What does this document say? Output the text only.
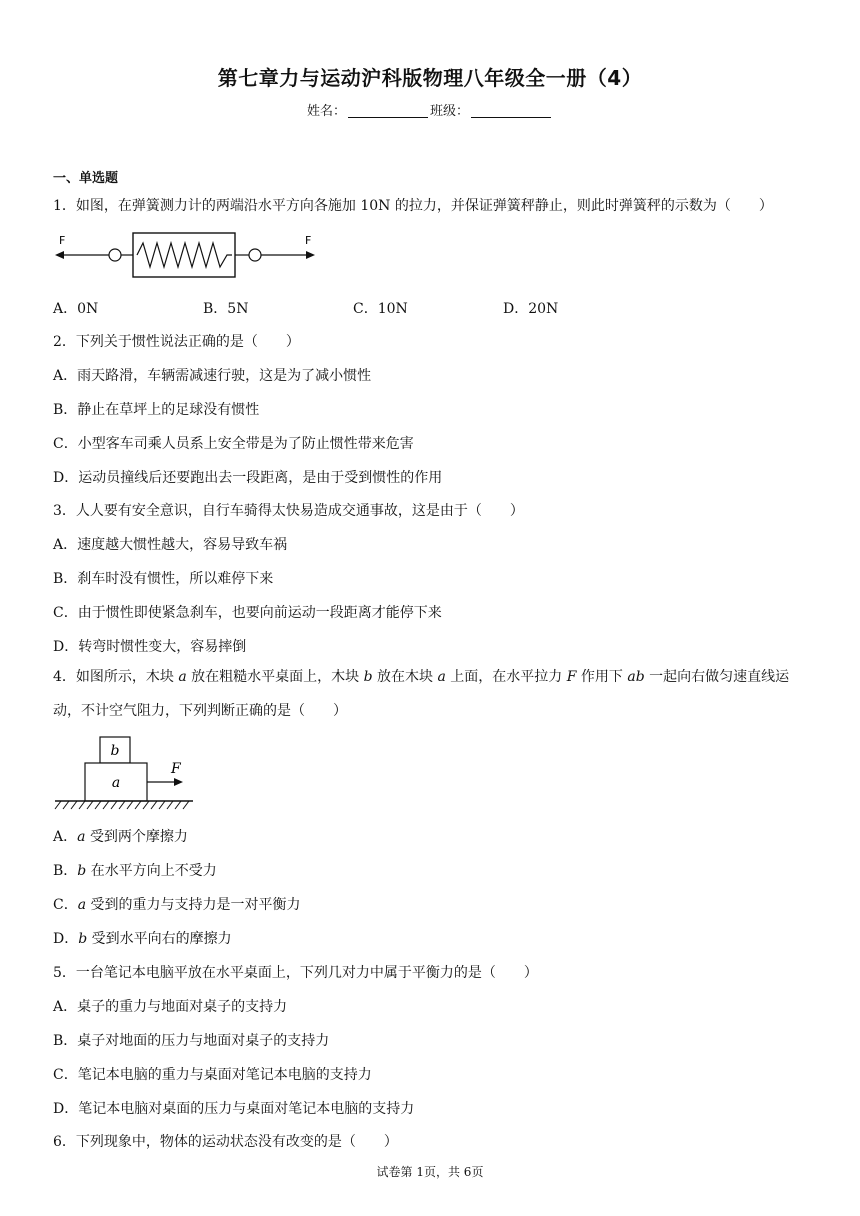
第七章力与运动沪科版物理八年级全一册（4）
姓名：	班级：
一、单选题
1．如图，在弹簧测力计的两端沿水平方向各施加 10N 的拉力，并保证弹簧秤静止，则此时弹簧秤的示数为（　　）
F	F
A．0N	B．5N	C．10N	D．20N
2．下列关于惯性说法正确的是（　　）
A．雨天路滑，车辆需减速行驶，这是为了减小惯性
B．静止在草坪上的足球没有惯性
C．小型客车司乘人员系上安全带是为了防止惯性带来危害
D．运动员撞线后还要跑出去一段距离，是由于受到惯性的作用
3．人人要有安全意识，自行车骑得太快易造成交通事故，这是由于（　　）
A．速度越大惯性越大，容易导致车祸
B．刹车时没有惯性，所以难停下来
C．由于惯性即使紧急刹车，也要向前运动一段距离才能停下来
D．转弯时惯性变大，容易摔倒
4．如图所示，木块 a 放在粗糙水平桌面上，木块 b 放在木块 a 上面，在水平拉力 F 作用下 ab 一起向右做匀速直线运动，不计空气阻力，下列判断正确的是（　　）
b
a
F
A．a 受到两个摩擦力
B．b 在水平方向上不受力
C．a 受到的重力与支持力是一对平衡力
D．b 受到水平向右的摩擦力
5．一台笔记本电脑平放在水平桌面上，下列几对力中属于平衡力的是（　　）
A．桌子的重力与地面对桌子的支持力
B．桌子对地面的压力与地面对桌子的支持力
C．笔记本电脑的重力与桌面对笔记本电脑的支持力
D．笔记本电脑对桌面的压力与桌面对笔记本电脑的支持力
6．下列现象中，物体的运动状态没有改变的是（　　）
试卷第 1页，共 6页
